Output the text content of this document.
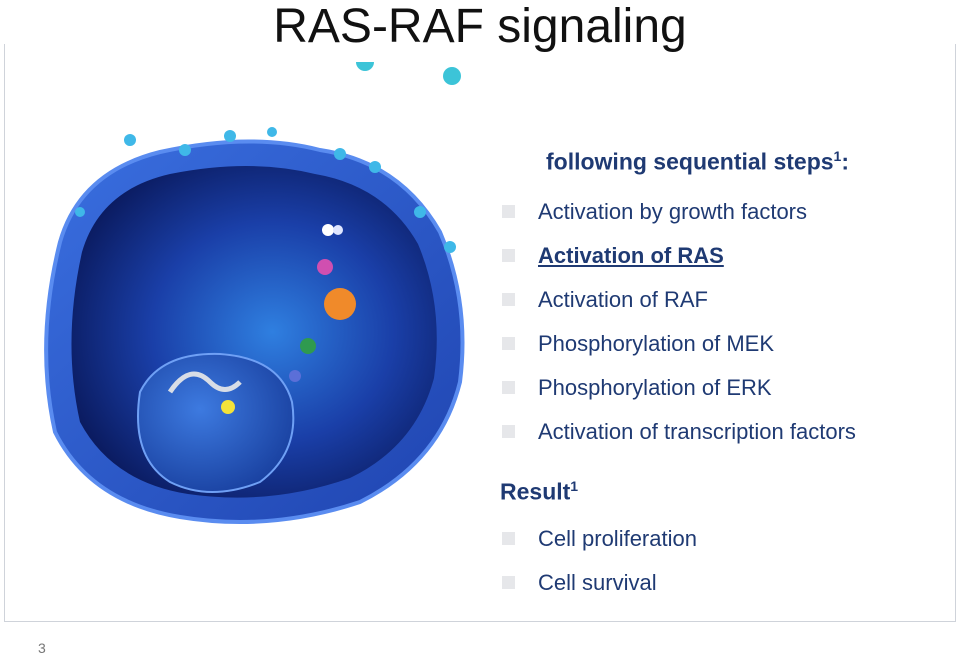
RAS-RAF signaling
following sequential steps$^1$:
Activation by growth factors
Activation of RAS
Activation of RAF
Phosphorylation of MEK
Phosphorylation of ERK
Activation of transcription factors
Result$^1$
Cell proliferation
Cell survival
3
